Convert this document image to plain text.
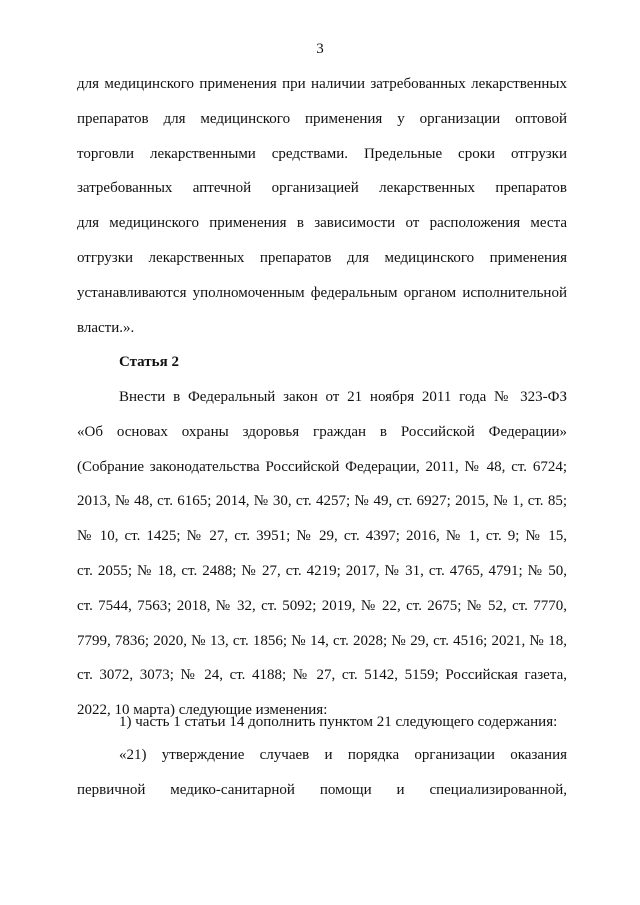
3
для медицинского применения при наличии затребованных лекарственных
препаратов для медицинского применения у организации оптовой
торговли лекарственными средствами. Предельные сроки отгрузки
затребованных аптечной организацией лекарственных препаратов
для медицинского применения в зависимости от расположения места
отгрузки лекарственных препаратов для медицинского применения
устанавливаются уполномоченным федеральным органом исполнительной
власти.».
Статья 2
Внести в Федеральный закон от 21 ноября 2011 года № 323-ФЗ
«Об основах охраны здоровья граждан в Российской Федерации»
(Собрание законодательства Российской Федерации, 2011, № 48, ст. 6724;
2013, № 48, ст. 6165; 2014, № 30, ст. 4257; № 49, ст. 6927; 2015, № 1, ст. 85;
№ 10, ст. 1425; № 27, ст. 3951; № 29, ст. 4397; 2016, № 1, ст. 9; № 15,
ст. 2055; № 18, ст. 2488; № 27, ст. 4219; 2017, № 31, ст. 4765, 4791; № 50,
ст. 7544, 7563; 2018, № 32, ст. 5092; 2019, № 22, ст. 2675; № 52, ст. 7770,
7799, 7836; 2020, № 13, ст. 1856; № 14, ст. 2028; № 29, ст. 4516; 2021, № 18,
ст. 3072, 3073; № 24, ст. 4188; № 27, ст. 5142, 5159; Российская газета,
2022, 10 марта) следующие изменения:
1) часть 1 статьи 14 дополнить пунктом 21 следующего содержания:
«21) утверждение случаев и порядка организации оказания
первичной медико-санитарной помощи и специализированной,
